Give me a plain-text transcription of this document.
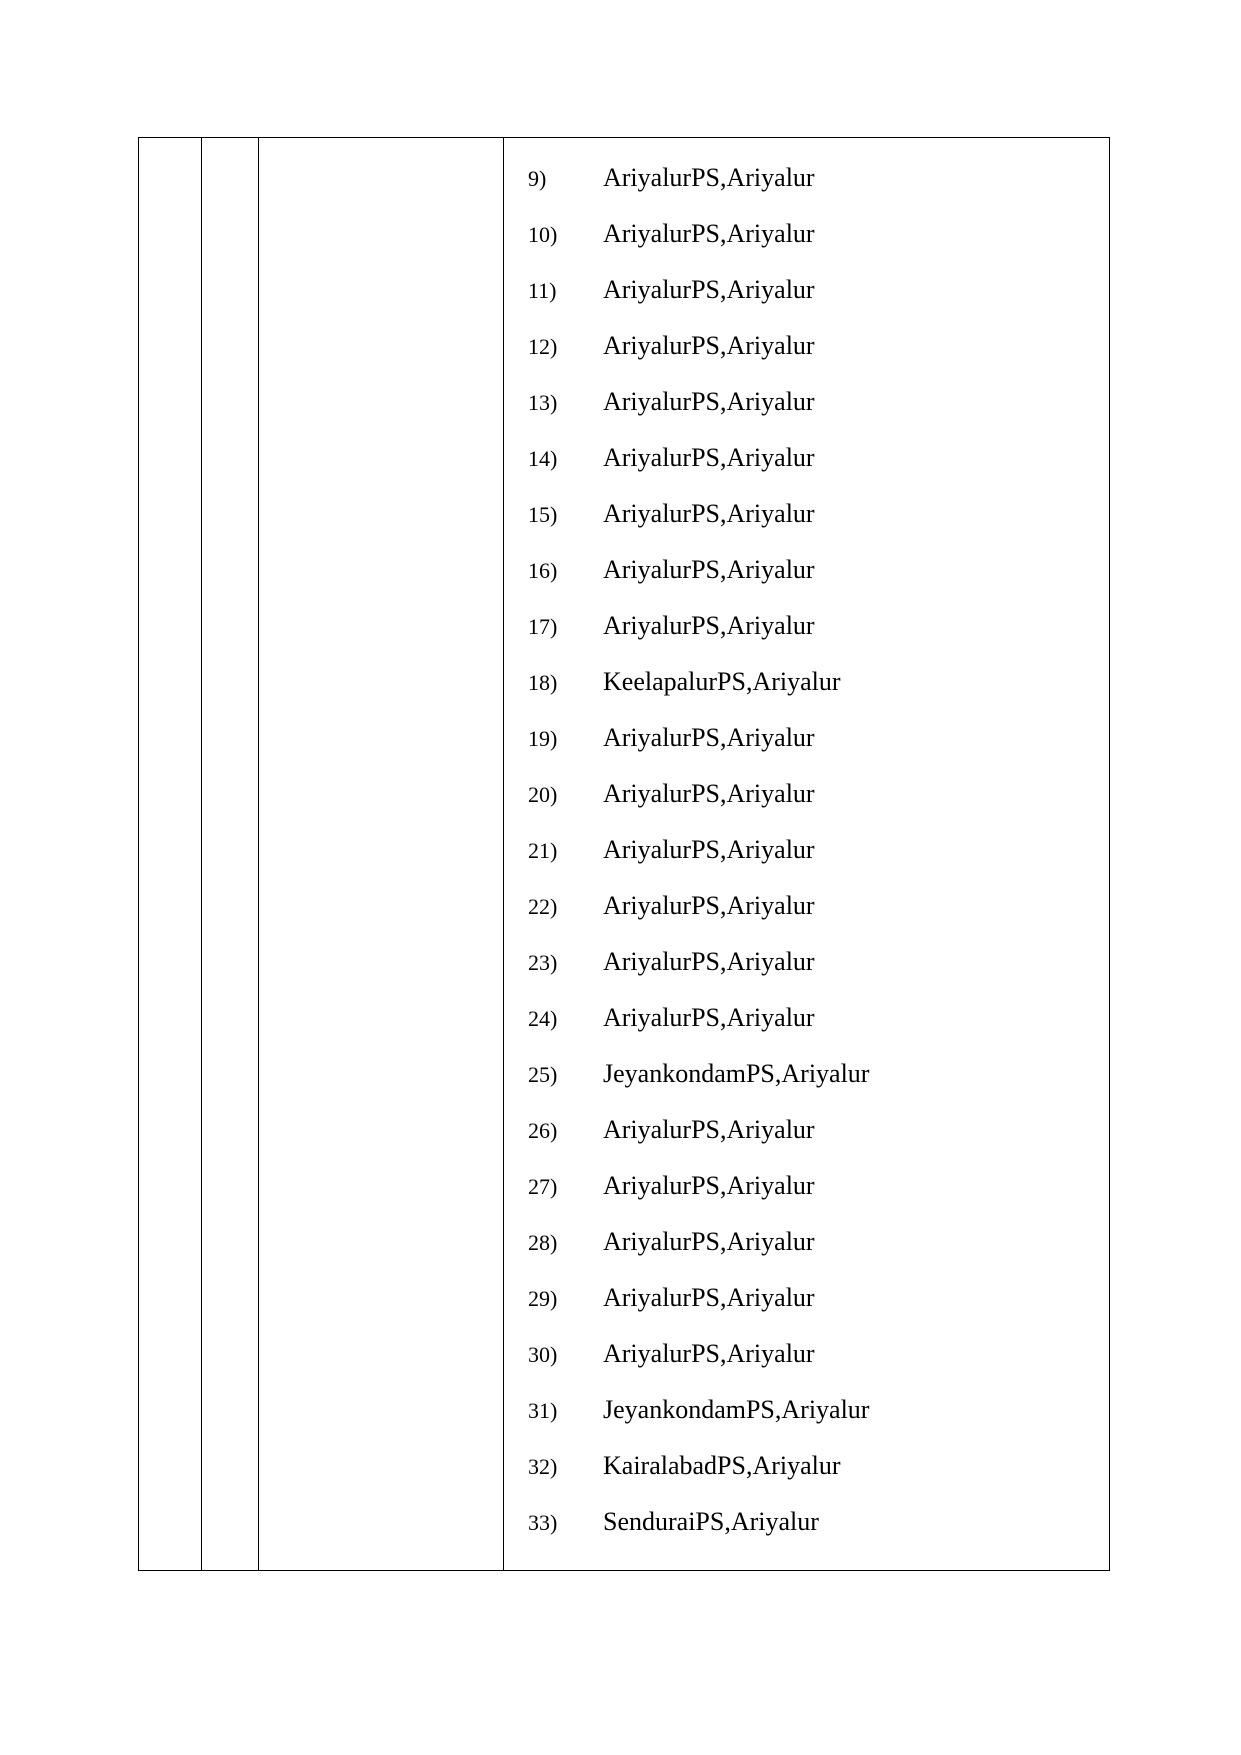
9)	AriyalurPS,Ariyalur
10)	AriyalurPS,Ariyalur
11)	AriyalurPS,Ariyalur
12)	AriyalurPS,Ariyalur
13)	AriyalurPS,Ariyalur
14)	AriyalurPS,Ariyalur
15)	AriyalurPS,Ariyalur
16)	AriyalurPS,Ariyalur
17)	AriyalurPS,Ariyalur
18)	KeelapalurPS,Ariyalur
19)	AriyalurPS,Ariyalur
20)	AriyalurPS,Ariyalur
21)	AriyalurPS,Ariyalur
22)	AriyalurPS,Ariyalur
23)	AriyalurPS,Ariyalur
24)	AriyalurPS,Ariyalur
25)	JeyankondamPS,Ariyalur
26)	AriyalurPS,Ariyalur
27)	AriyalurPS,Ariyalur
28)	AriyalurPS,Ariyalur
29)	AriyalurPS,Ariyalur
30)	AriyalurPS,Ariyalur
31)	JeyankondamPS,Ariyalur
32)	KairalabadPS,Ariyalur
33)	SenduraiPS,Ariyalur
